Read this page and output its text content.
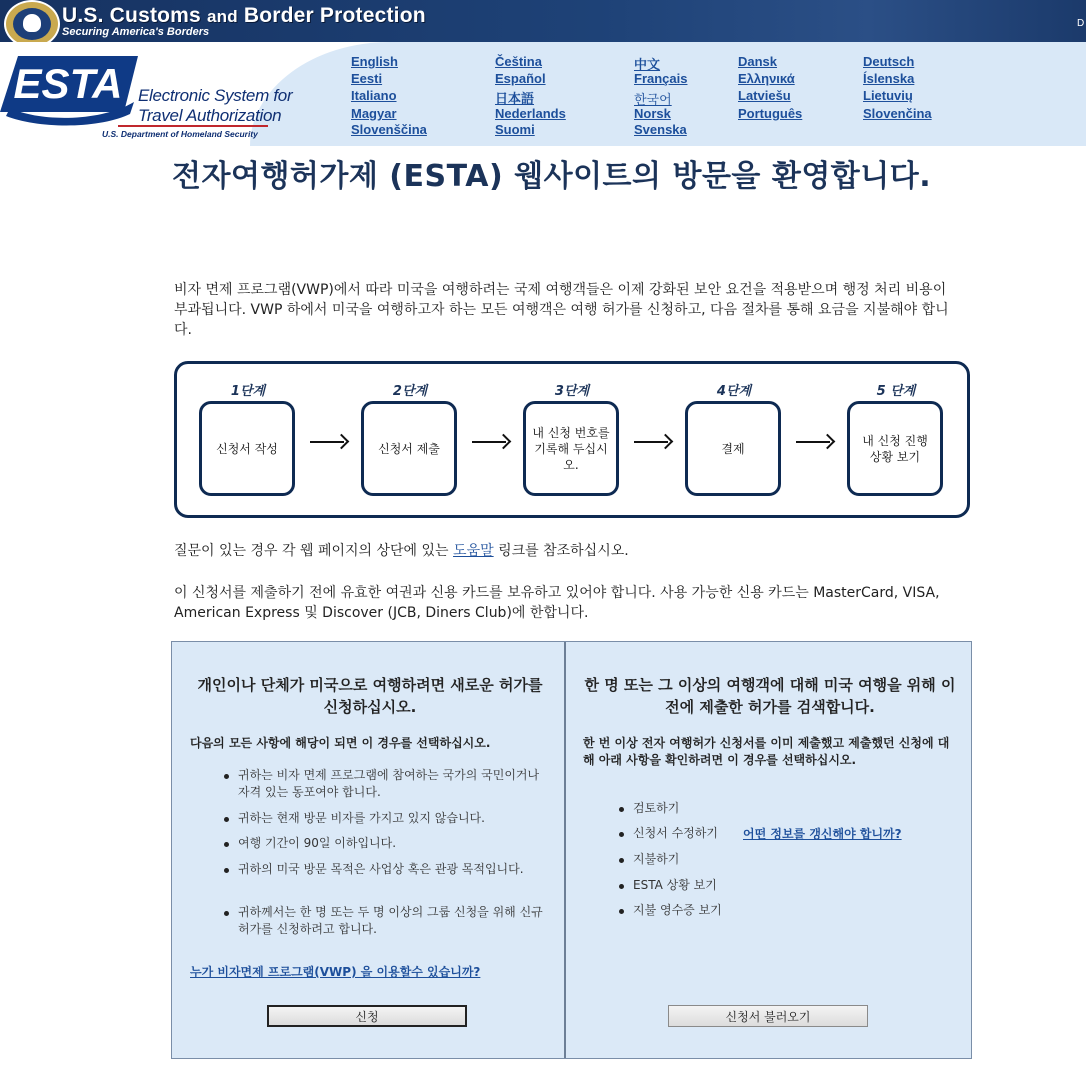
U.S. Customs and Border Protection
Securing America's Borders
D
ESTA Electronic System for
Travel Authorization
U.S. Department of Homeland Security
English
Eesti
Italiano
Magyar
Slovenščina
Čeština
Español
日本語
Nederlands
Suomi
中文
Français
한국어
Norsk
Svenska
Dansk
Ελληνικά
Latviešu
Português
Deutsch
Íslenska
Lietuvių
Slovenčina
전자여행허가제 (ESTA) 웹사이트의 방문을 환영합니다.
비자 면제 프로그램(VWP)에서 따라 미국을 여행하려는 국제 여행객들은 이제 강화된 보안 요건을 적용받으며 행정 처리 비용이 부과됩니다. VWP 하에서 미국을 여행하고자 하는 모든 여행객은 여행 허가를 신청하고, 다음 절차를 통해 요금을 지불해야 합니다.
1단계
신청서 작성
2단계
신청서 제출
3단계
내 신청 번호를 기록해 두십시오.
4단계
결제
5 단계
내 신청 진행 상황 보기
질문이 있는 경우 각 웹 페이지의 상단에 있는 도움말 링크를 참조하십시오.
이 신청서를 제출하기 전에 유효한 여권과 신용 카드를 보유하고 있어야 합니다. 사용 가능한 신용 카드는 MasterCard, VISA, American Express 및 Discover (JCB, Diners Club)에 한합니다.
개인이나 단체가 미국으로 여행하려면 새로운 허가를 신청하십시오.
다음의 모든 사항에 해당이 되면 이 경우를 선택하십시오.
귀하는 비자 면제 프로그램에 참여하는 국가의 국민이거나 자격 있는 동포여야 합니다.
귀하는 현재 방문 비자를 가지고 있지 않습니다.
여행 기간이 90일 이하입니다.
귀하의 미국 방문 목적은 사업상 혹은 관광 목적입니다.
귀하께서는 한 명 또는 두 명 이상의 그룹 신청을 위해 신규 허가를 신청하려고 합니다.
누가 비자면제 프로그램(VWP) 을 이용할수 있습니까?
신청
한 명 또는 그 이상의 여행객에 대해 미국 여행을 위해 이전에 제출한 허가를 검색합니다.
한 번 이상 전자 여행허가 신청서를 이미 제출했고 제출했던 신청에 대해 아래 사항을 확인하려면 이 경우를 선택하십시오.
검토하기
신청서 수정하기	어떤 정보를 갱신해야 합니까?
지불하기
ESTA 상황 보기
지불 영수증 보기
신청서 불러오기
